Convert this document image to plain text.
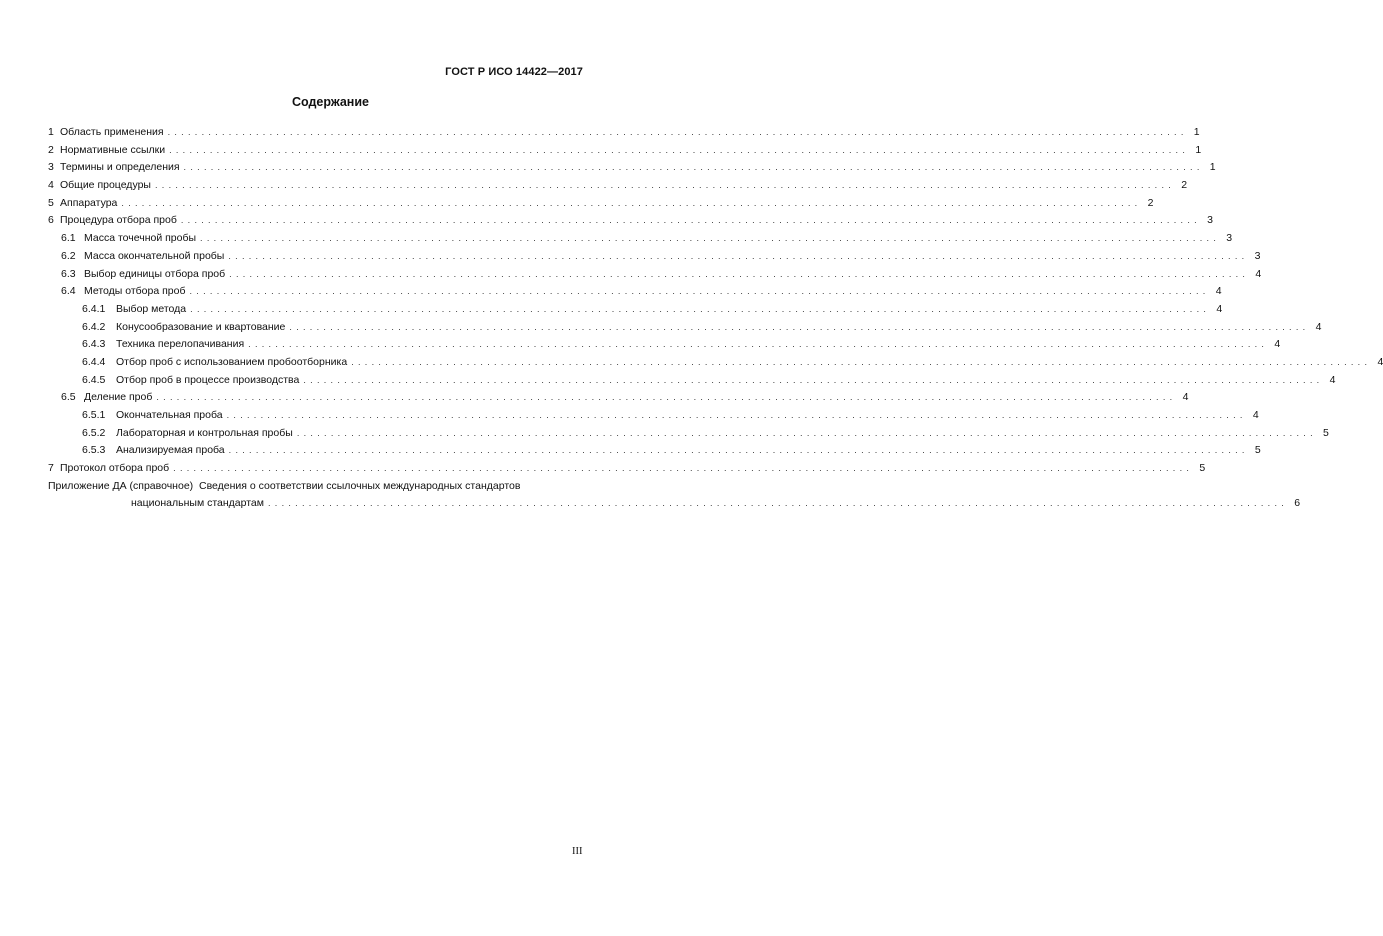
ГОСТ Р ИСО 14422—2017
Содержание
1 Область применения ...................................................................................................................................................... 1
2 Нормативные ссылки ...................................................................................................................................................... 1
3 Термины и определения ...................................................................................................................................................... 1
4 Общие процедуры ...................................................................................................................................................... 2
5 Аппаратура ...................................................................................................................................................... 2
6 Процедура отбора проб ...................................................................................................................................................... 3
6.1 Масса точечной пробы ...................................................................................................................................................... 3
6.2 Масса окончательной пробы ...................................................................................................................................................... 3
6.3 Выбор единицы отбора проб ...................................................................................................................................................... 4
6.4 Методы отбора проб ...................................................................................................................................................... 4
6.4.1 Выбор метода ...................................................................................................................................................... 4
6.4.2 Конусообразование и квартование ...................................................................................................................................................... 4
6.4.3 Техника перелопачивания ...................................................................................................................................................... 4
6.4.4 Отбор проб с использованием пробоотборника ...................................................................................................................................................... 4
6.4.5 Отбор проб в процессе производства ...................................................................................................................................................... 4
6.5 Деление проб ...................................................................................................................................................... 4
6.5.1 Окончательная проба ...................................................................................................................................................... 4
6.5.2 Лабораторная и контрольная пробы ...................................................................................................................................................... 5
6.5.3 Анализируемая проба ...................................................................................................................................................... 5
7 Протокол отбора проб ...................................................................................................................................................... 5
Приложение ДА (справочное) Сведения о соответствии ссылочных международных стандартов
национальным стандартам ...................................................................................................................................................... 6
III
